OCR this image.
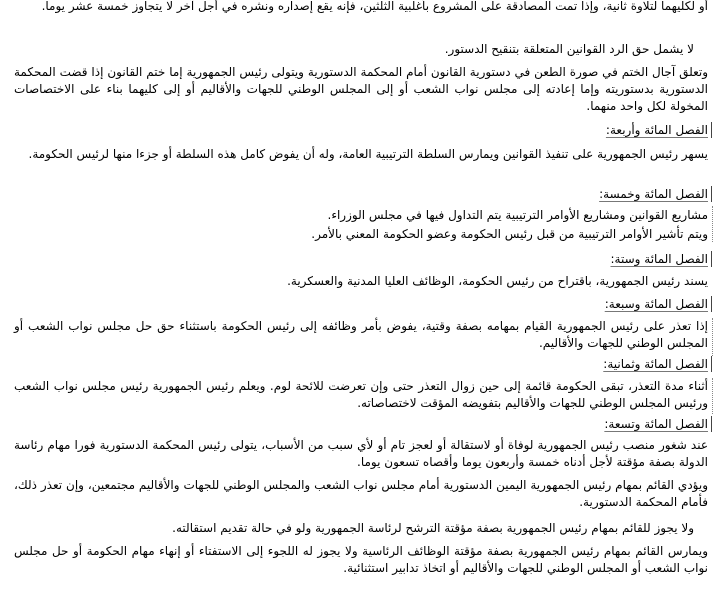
أو لكليهما لتلاوة ثانية، وإذا تمت المصادقة على المشروع بأغلبية الثلثين، فإنه يقع إصداره ونشره في أجل آخر لا يتجاوز خمسة عشر يوما.

لا يشمل حق الرد القوانين المتعلقة بتنقيح الدستور.

وتعلق آجال الختم في صورة الطعن في دستورية القانون أمام المحكمة الدستورية ويتولى رئيس الجمهورية إما ختم القانون إذا قضت المحكمة الدستورية بدستوريته وإما إعادته إلى مجلس نواب الشعب أو إلى المجلس الوطني للجهات والأقاليم أو إلى كليهما بناء على الاختصاصات المخولة لكل واحد منهما.

الفصل المائة وأربعة:

يسهر رئيس الجمهورية على تنفيذ القوانين ويمارس السلطة الترتيبية العامة، وله أن يفوض كامل هذه السلطة أو جزءا منها لرئيس الحكومة.

الفصل المائة وخمسة:

مشاريع القوانين ومشاريع الأوامر الترتيبية يتم التداول فيها في مجلس الوزراء.

ويتم تأشير الأوامر الترتيبية من قبل رئيس الحكومة وعضو الحكومة المعني بالأمر.

الفصل المائة وستة:

يسند رئيس الجمهورية، باقتراح من رئيس الحكومة، الوظائف العليا المدنية والعسكرية.

الفصل المائة وسبعة:

إذا تعذر على رئيس الجمهورية القيام بمهامه بصفة وقتية، يفوض بأمر وظائفه إلى رئيس الحكومة باستثناء حق حل مجلس نواب الشعب أو المجلس الوطني للجهات والأقاليم.

الفصل المائة وثمانية:

أثناء مدة التعذر، تبقى الحكومة قائمة إلى حين زوال التعذر حتى وإن تعرضت للائحة لوم. ويعلم رئيس الجمهورية رئيس مجلس نواب الشعب ورئيس المجلس الوطني للجهات والأقاليم بتفويضه المؤقت لاختصاصاته.

الفصل المائة وتسعة:

عند شغور منصب رئيس الجمهورية لوفاة أو لاستقالة أو لعجز تام أو لأي سبب من الأسباب، يتولى رئيس المحكمة الدستورية فورا مهام رئاسة الدولة بصفة مؤقتة لأجل أدناه خمسة وأربعون يوما وأقصاه تسعون يوما.

ويؤدي القائم بمهام رئيس الجمهورية اليمين الدستورية أمام مجلس نواب الشعب والمجلس الوطني للجهات والأقاليم مجتمعين، وإن تعذر ذلك، فأمام المحكمة الدستورية.

ولا يجوز للقائم بمهام رئيس الجمهورية بصفة مؤقتة الترشح لرئاسة الجمهورية ولو في حالة تقديم استقالته.

ويمارس القائم بمهام رئيس الجمهورية بصفة مؤقتة الوظائف الرئاسية ولا يجوز له اللجوء إلى الاستفتاء أو إنهاء مهام الحكومة أو حل مجلس نواب الشعب أو المجلس الوطني للجهات والأقاليم أو اتخاذ تدابير استثنائية.
